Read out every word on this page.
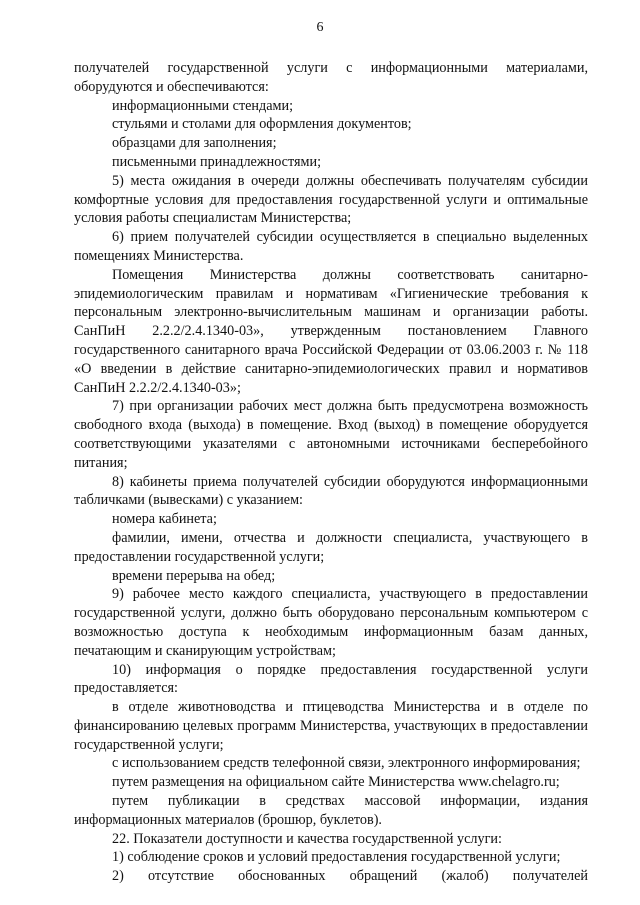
6

получателей государственной услуги с информационными материалами, оборудуются и обеспечиваются:

информационными стендами;

стульями и столами для оформления документов;

образцами для заполнения;

письменными принадлежностями;

5) места ожидания в очереди должны обеспечивать получателям субсидии комфортные условия для предоставления государственной услуги и оптимальные условия работы специалистам Министерства;

6) прием получателей субсидии осуществляется в специально выделенных помещениях Министерства.

Помещения Министерства должны соответствовать санитарно-эпидемиологическим правилам и нормативам «Гигиенические требования к персональным электронно-вычислительным машинам и организации работы. СанПиН 2.2.2/2.4.1340-03», утвержденным постановлением Главного государственного санитарного врача Российской Федерации от 03.06.2003 г. № 118 «О введении в действие санитарно-эпидемиологических правил и нормативов СанПиН 2.2.2/2.4.1340-03»;

7) при организации рабочих мест должна быть предусмотрена возможность свободного входа (выхода) в помещение. Вход (выход) в помещение оборудуется соответствующими указателями с автономными источниками бесперебойного питания;

8) кабинеты приема получателей субсидии оборудуются информационными табличками (вывесками) с указанием:

номера кабинета;

фамилии, имени, отчества и должности специалиста, участвующего в предоставлении государственной услуги;

времени перерыва на обед;

9) рабочее место каждого специалиста, участвующего в предоставлении государственной услуги, должно быть оборудовано персональным компьютером с возможностью доступа к необходимым информационным базам данных, печатающим и сканирующим устройствам;

10) информация о порядке предоставления государственной услуги предоставляется:

в отделе животноводства и птицеводства Министерства и в отделе по финансированию целевых программ Министерства, участвующих в предоставлении государственной услуги;

с использованием средств телефонной связи, электронного информирования;

путем размещения на официальном сайте Министерства www.chelagro.ru;

путем публикации в средствах массовой информации, издания информационных материалов (брошюр, буклетов).

22. Показатели доступности и качества государственной услуги:

1) соблюдение сроков и условий предоставления государственной услуги;

2) отсутствие обоснованных обращений (жалоб) получателей
